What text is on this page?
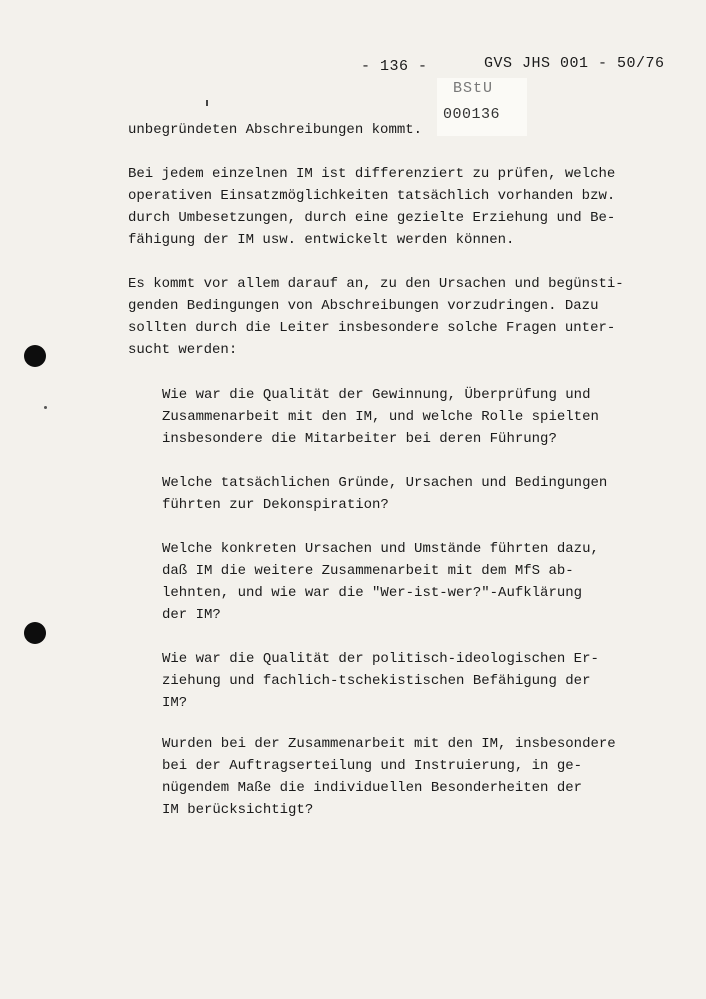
- 136 -	GVS JHS 001 - 50/76
BStU
000136
unbegründeten Abschreibungen kommt.
Bei jedem einzelnen IM ist differenziert zu prüfen, welche
operativen Einsatzmöglichkeiten tatsächlich vorhanden bzw.
durch Umbesetzungen, durch eine gezielte Erziehung und Be-
fähigung der IM usw. entwickelt werden können.
Es kommt vor allem darauf an, zu den Ursachen und begünsti-
genden Bedingungen von Abschreibungen vorzudringen. Dazu
sollten durch die Leiter insbesondere solche Fragen unter-
sucht werden:
Wie war die Qualität der Gewinnung, Überprüfung und
Zusammenarbeit mit den IM, und welche Rolle spielten
insbesondere die Mitarbeiter bei deren Führung?
Welche tatsächlichen Gründe, Ursachen und Bedingungen
führten zur Dekonspiration?
Welche konkreten Ursachen und Umstände führten dazu,
daß IM die weitere Zusammenarbeit mit dem MfS ab-
lehnten, und wie war die "Wer-ist-wer?"-Aufklärung
der IM?
Wie war die Qualität der politisch-ideologischen Er-
ziehung und fachlich-tschekistischen Befähigung der
IM?
Wurden bei der Zusammenarbeit mit den IM, insbesondere
bei der Auftragserteilung und Instruierung, in ge-
nügendem Maße die individuellen Besonderheiten der
IM berücksichtigt?
